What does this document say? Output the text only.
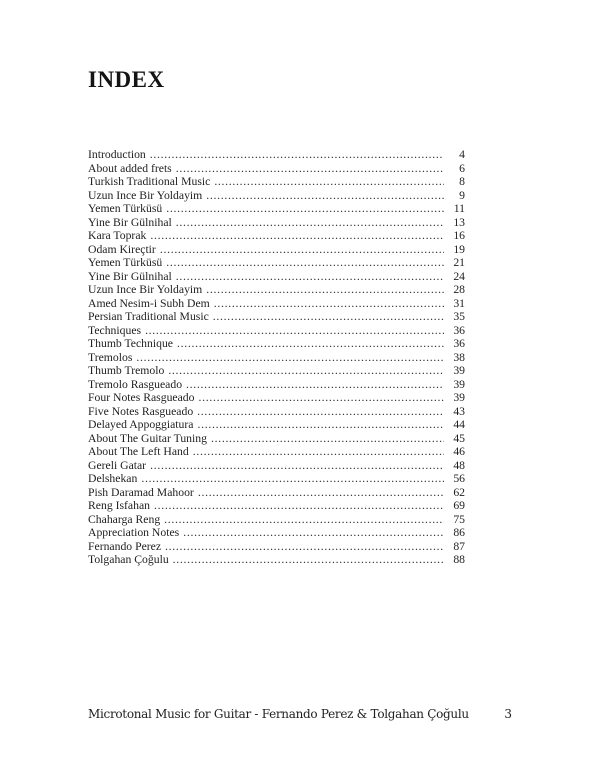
INDEX
Introduction .....	4
About added frets .....	6
Turkish Traditional Music .....	8
Uzun Ince Bir Yoldayim .....	9
Yemen Türküsü .....	11
Yine Bir Gülnihal .....	13
Kara Toprak .....	16
Odam Kireçtir .....	19
Yemen Türküsü .....	21
Yine Bir Gülnihal .....	24
Uzun Ince Bir Yoldayim .....	28
Amed Nesim-i Subh Dem .....	31
Persian Traditional Music .....	35
Techniques .....	36
Thumb Technique .....	36
Tremolos .....	38
Thumb Tremolo .....	39
Tremolo Rasgueado .....	39
Four Notes Rasgueado .....	39
Five Notes Rasgueado .....	43
Delayed Appoggiatura .....	44
About The Guitar Tuning .....	45
About The Left Hand .....	46
Gereli Gatar .....	48
Delshekan .....	56
Pish Daramad Mahoor .....	62
Reng Isfahan .....	69
Chaharga Reng .....	75
Appreciation Notes .....	86
Fernando Perez .....	87
Tolgahan Çoğulu .....	88
Microtonal Music for Guitar - Fernando Perez & Tolgahan Çoğulu	3
